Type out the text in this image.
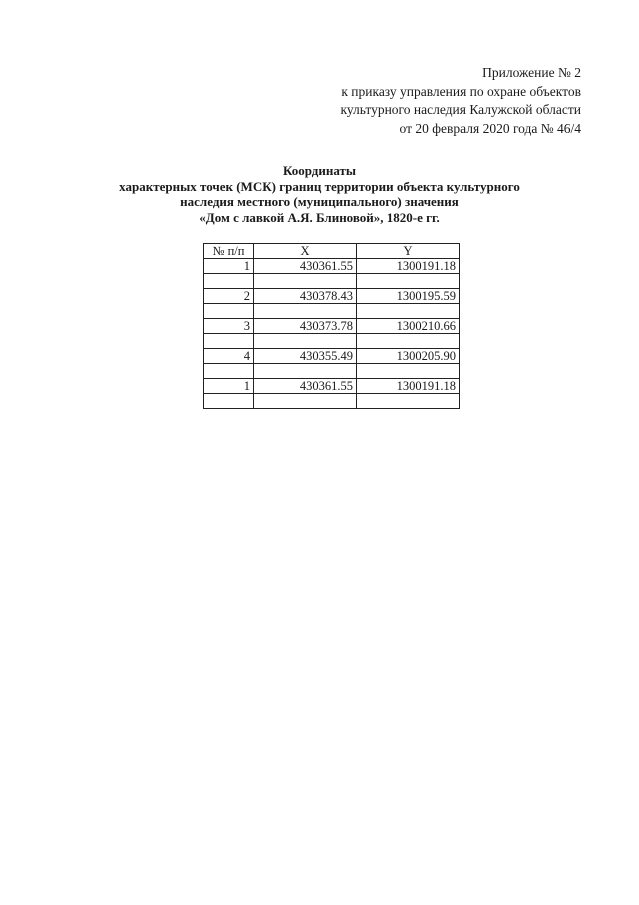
Приложение № 2
к приказу управления по охране объектов
культурного наследия Калужской области
от 20 февраля 2020 года № 46/4
Координаты
характерных точек (МСК) границ территории объекта культурного
наследия местного (муниципального) значения
«Дом с лавкой А.Я. Блиновой», 1820-е гг.
№ п/п	X	Y
1	430361.55	1300191.18

2	430378.43	1300195.59

3	430373.78	1300210.66

4	430355.49	1300205.90

1	430361.55	1300191.18
